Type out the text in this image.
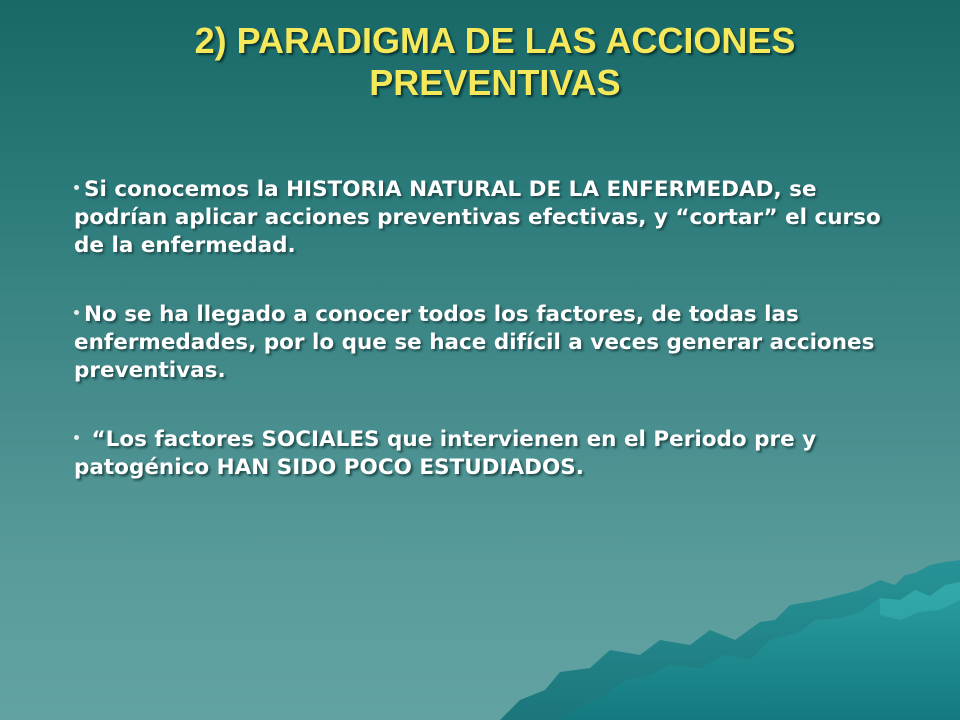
2) PARADIGMA DE LAS ACCIONES
PREVENTIVAS
Si conocemos la HISTORIA NATURAL DE LA ENFERMEDAD, se podrían aplicar acciones preventivas efectivas, y “cortar” el curso de la enfermedad.
No se ha llegado a conocer todos los factores, de todas las enfermedades, por lo que se hace difícil a veces generar acciones preventivas.
“Los factores SOCIALES que intervienen en el Periodo pre y patogénico HAN SIDO POCO ESTUDIADOS.
